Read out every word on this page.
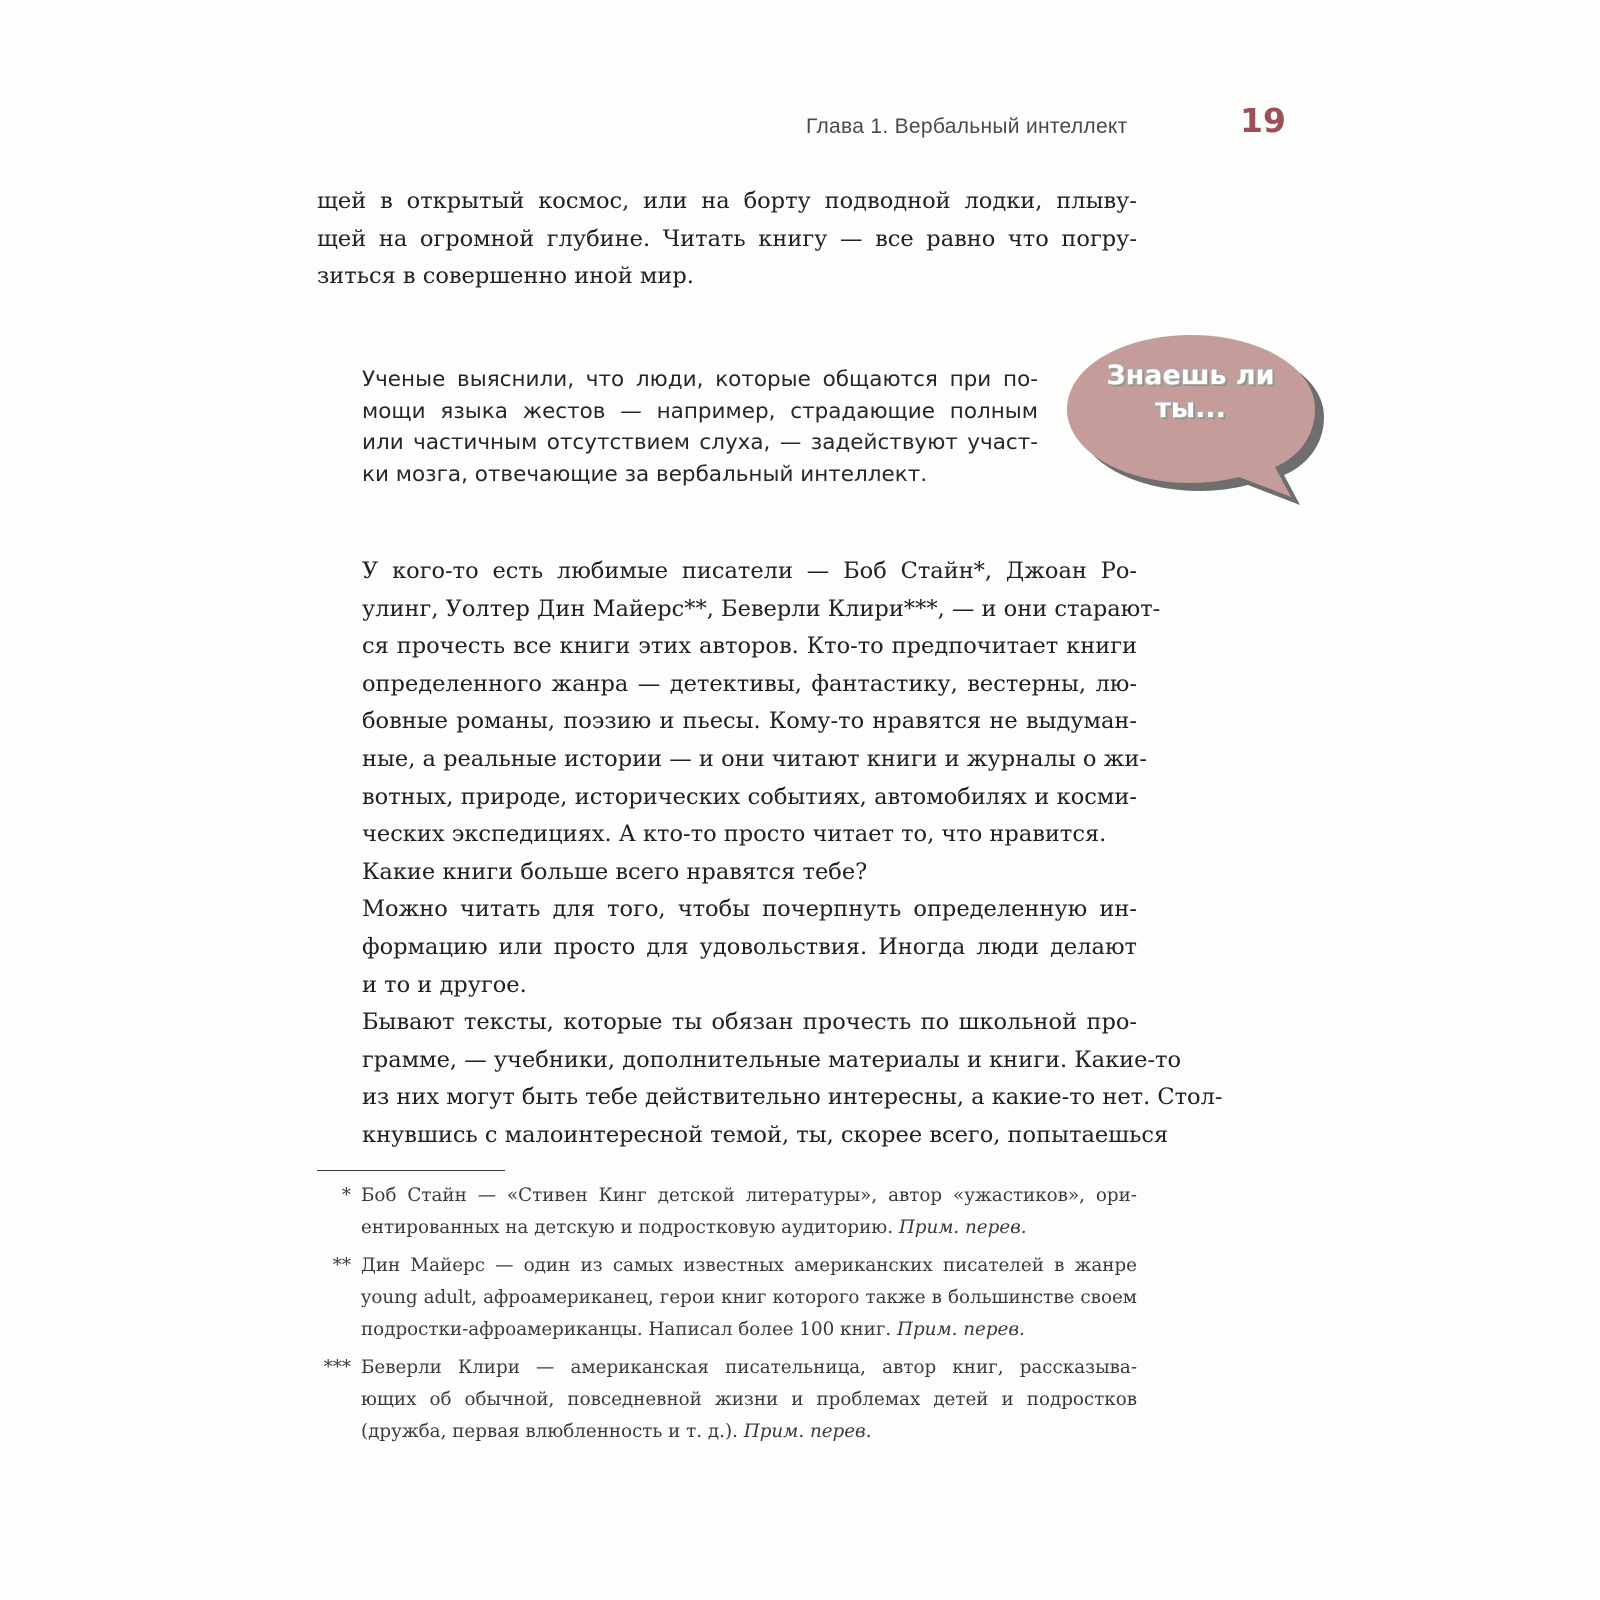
Глава 1. Вербальный интеллект	19

щей в открытый космос, или на борту подводной лодки, плыву-
щей на огромной глубине. Читать книгу — все равно что погру-
зиться в совершенно иной мир.

Ученые выяснили, что люди, которые общаются при по-
мощи языка жестов — например, страдающие полным
или частичным отсутствием слуха, — задействуют участ-
ки мозга, отвечающие за вербальный интеллект.
Знаешь ли
ты...

У кого-то есть любимые писатели — Боб Стайн*, Джоан Ро-
улинг, Уолтер Дин Майерс**, Беверли Клири***, — и они старают-
ся прочесть все книги этих авторов. Кто-то предпочитает книги
определенного жанра — детективы, фантастику, вестерны, лю-
бовные романы, поэзию и пьесы. Кому-то нравятся не выдуман-
ные, а реальные истории — и они читают книги и журналы о жи-
вотных, природе, исторических событиях, автомобилях и косми-
ческих экспедициях. А кто-то просто читает то, что нравится.

Какие книги больше всего нравятся тебе?

Можно читать для того, чтобы почерпнуть определенную ин-
формацию или просто для удовольствия. Иногда люди делают
и то и другое.

Бывают тексты, которые ты обязан прочесть по школьной про-
грамме, — учебники, дополнительные материалы и книги. Какие-то
из них могут быть тебе действительно интересны, а какие-то нет. Стол-
кнувшись с малоинтересной темой, ты, скорее всего, попытаешься

* Боб Стайн — «Стивен Кинг детской литературы», автор «ужастиков», ори-
ентированных на детскую и подростковую аудиторию. Прим. перев.
** Дин Майерс — один из самых известных американских писателей в жанре
young adult, афроамериканец, герои книг которого также в большинстве своем
подростки-афроамериканцы. Написал более 100 книг. Прим. перев.
*** Беверли Клири — американская писательница, автор книг, рассказыва-
ющих об обычной, повседневной жизни и проблемах детей и подростков
(дружба, первая влюбленность и т. д.). Прим. перев.
